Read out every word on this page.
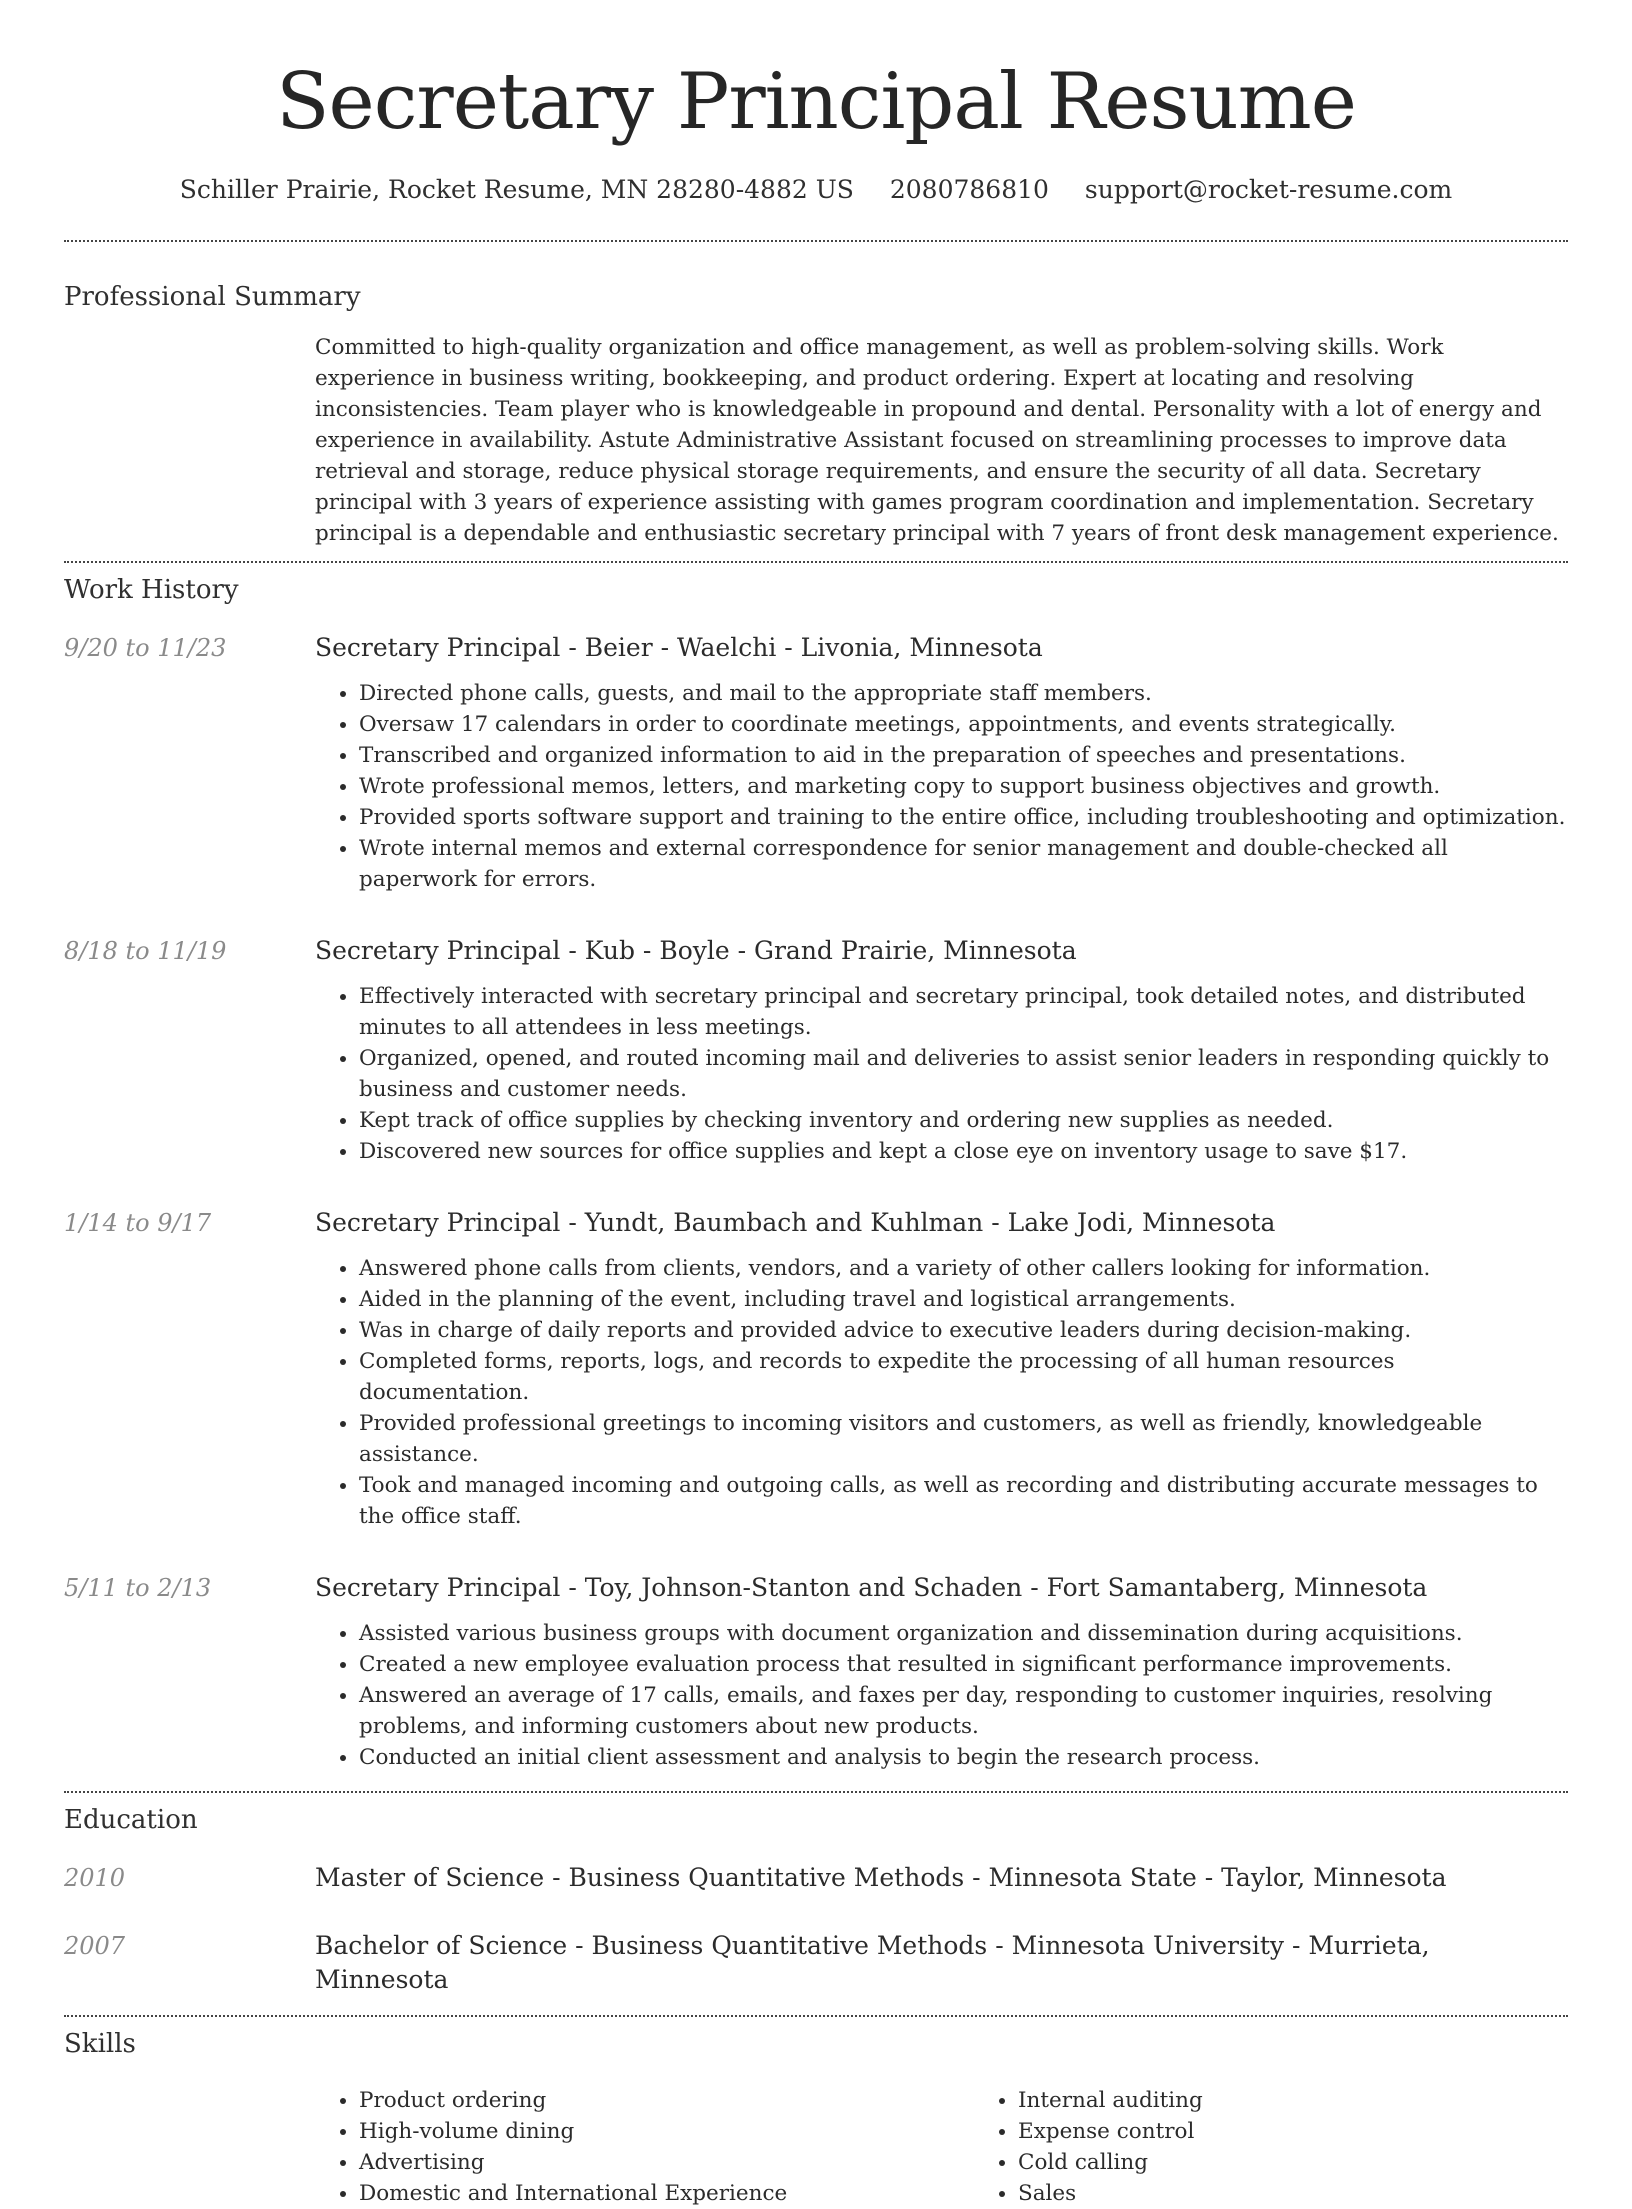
Secretary Principal Resume
Schiller Prairie, Rocket Resume, MN 28280-4882 US 2080786810 support@rocket-resume.com
Professional Summary
Committed to high-quality organization and office management, as well as problem-solving skills. Work experience in business writing, bookkeeping, and product ordering. Expert at locating and resolving inconsistencies. Team player who is knowledgeable in propound and dental. Personality with a lot of energy and experience in availability. Astute Administrative Assistant focused on streamlining processes to improve data retrieval and storage, reduce physical storage requirements, and ensure the security of all data. Secretary principal with 3 years of experience assisting with games program coordination and implementation. Secretary principal is a dependable and enthusiastic secretary principal with 7 years of front desk management experience.
Work History
9/20 to 11/23	Secretary Principal - Beier - Waelchi - Livonia, Minnesota
• Directed phone calls, guests, and mail to the appropriate staff members.
• Oversaw 17 calendars in order to coordinate meetings, appointments, and events strategically.
• Transcribed and organized information to aid in the preparation of speeches and presentations.
• Wrote professional memos, letters, and marketing copy to support business objectives and growth.
• Provided sports software support and training to the entire office, including troubleshooting and optimization.
• Wrote internal memos and external correspondence for senior management and double-checked all paperwork for errors.
8/18 to 11/19	Secretary Principal - Kub - Boyle - Grand Prairie, Minnesota
• Effectively interacted with secretary principal and secretary principal, took detailed notes, and distributed minutes to all attendees in less meetings.
• Organized, opened, and routed incoming mail and deliveries to assist senior leaders in responding quickly to business and customer needs.
• Kept track of office supplies by checking inventory and ordering new supplies as needed.
• Discovered new sources for office supplies and kept a close eye on inventory usage to save $17.
1/14 to 9/17	Secretary Principal - Yundt, Baumbach and Kuhlman - Lake Jodi, Minnesota
• Answered phone calls from clients, vendors, and a variety of other callers looking for information.
• Aided in the planning of the event, including travel and logistical arrangements.
• Was in charge of daily reports and provided advice to executive leaders during decision-making.
• Completed forms, reports, logs, and records to expedite the processing of all human resources documentation.
• Provided professional greetings to incoming visitors and customers, as well as friendly, knowledgeable assistance.
• Took and managed incoming and outgoing calls, as well as recording and distributing accurate messages to the office staff.
5/11 to 2/13	Secretary Principal - Toy, Johnson-Stanton and Schaden - Fort Samantaberg, Minnesota
• Assisted various business groups with document organization and dissemination during acquisitions.
• Created a new employee evaluation process that resulted in significant performance improvements.
• Answered an average of 17 calls, emails, and faxes per day, responding to customer inquiries, resolving problems, and informing customers about new products.
• Conducted an initial client assessment and analysis to begin the research process.
Education
2010	Master of Science - Business Quantitative Methods - Minnesota State - Taylor, Minnesota
2007	Bachelor of Science - Business Quantitative Methods - Minnesota University - Murrieta, Minnesota
Skills
• Product ordering
• High-volume dining
• Advertising
• Domestic and International Experience
• Internal auditing
• Expense control
• Cold calling
• Sales
